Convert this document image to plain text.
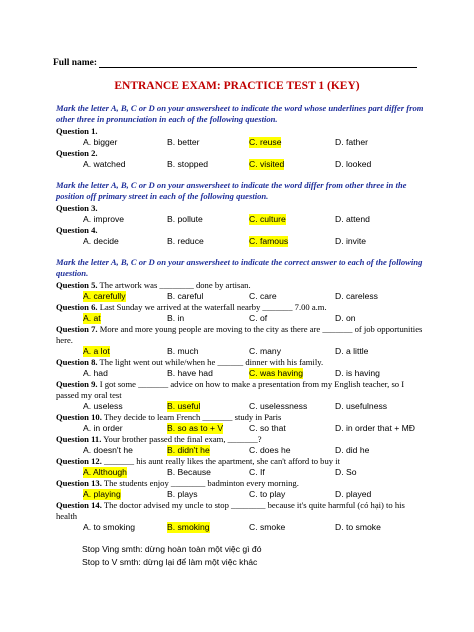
Full name:
ENTRANCE EXAM: PRACTICE TEST 1 (KEY)
Mark the letter A, B, C or D on your answersheet to indicate the word whose underlines part differ from other three in pronunciation in each of the following question.
Question 1.
A. bigger	B. better	C. reuse	D. father
Question 2.
A. watched	B. stopped	C. visited	D. looked
Mark the letter A, B, C or D on your answersheet to indicate the word differ from other three in the position off primary street in each of the following question.
Question 3.
A. improve	B. pollute	C. culture	D. attend
Question 4.
A. decide	B. reduce	C. famous	D. invite
Mark the letter A, B, C or D on your answersheet to indicate the correct answer to each of the following question.
Question 5. The artwork was ________ done by artisan.
A. carefully	B. careful	C. care	D. careless
Question 6. Last Sunday we arrived at the waterfall nearby _______ 7.00 a.m.
A. at	B. in	C. of	D. on
Question 7. More and more young people are moving to the city as there are _______ of job opportunities here.
A. a lot	B. much	C. many	D. a little
Question 8. The light went out while/when he ______ dinner with his family.
A. had	B. have had	C. was having	D. is having
Question 9. I got some _______ advice on how to make a presentation from my English teacher, so I passed my oral test
A. useless	B. useful	C. uselessness	D. usefulness
Question 10. They decide to learn French _______ study in Paris
A. in order	B. so as to + V	C. so that	D. in order that + MĐ
Question 11. Your brother passed the final exam, _______?
A. doesn't he	B. didn't he	C. does he	D. did he
Question 12. _______ his aunt really likes the apartment, she can't afford to buy it
A. Although	B. Because	C. If	D. So
Question 13. The students enjoy ________ badminton every morning.
A. playing	B. plays	C. to play	D. played
Question 14. The doctor advised my uncle to stop ________ because it's quite harmful (có hại) to his health
A. to smoking	B. smoking	C. smoke	D. to smoke
Stop Ving smth: dừng hoàn toàn một việc gì đó
Stop to V smth: dừng lại để làm một việc khác
